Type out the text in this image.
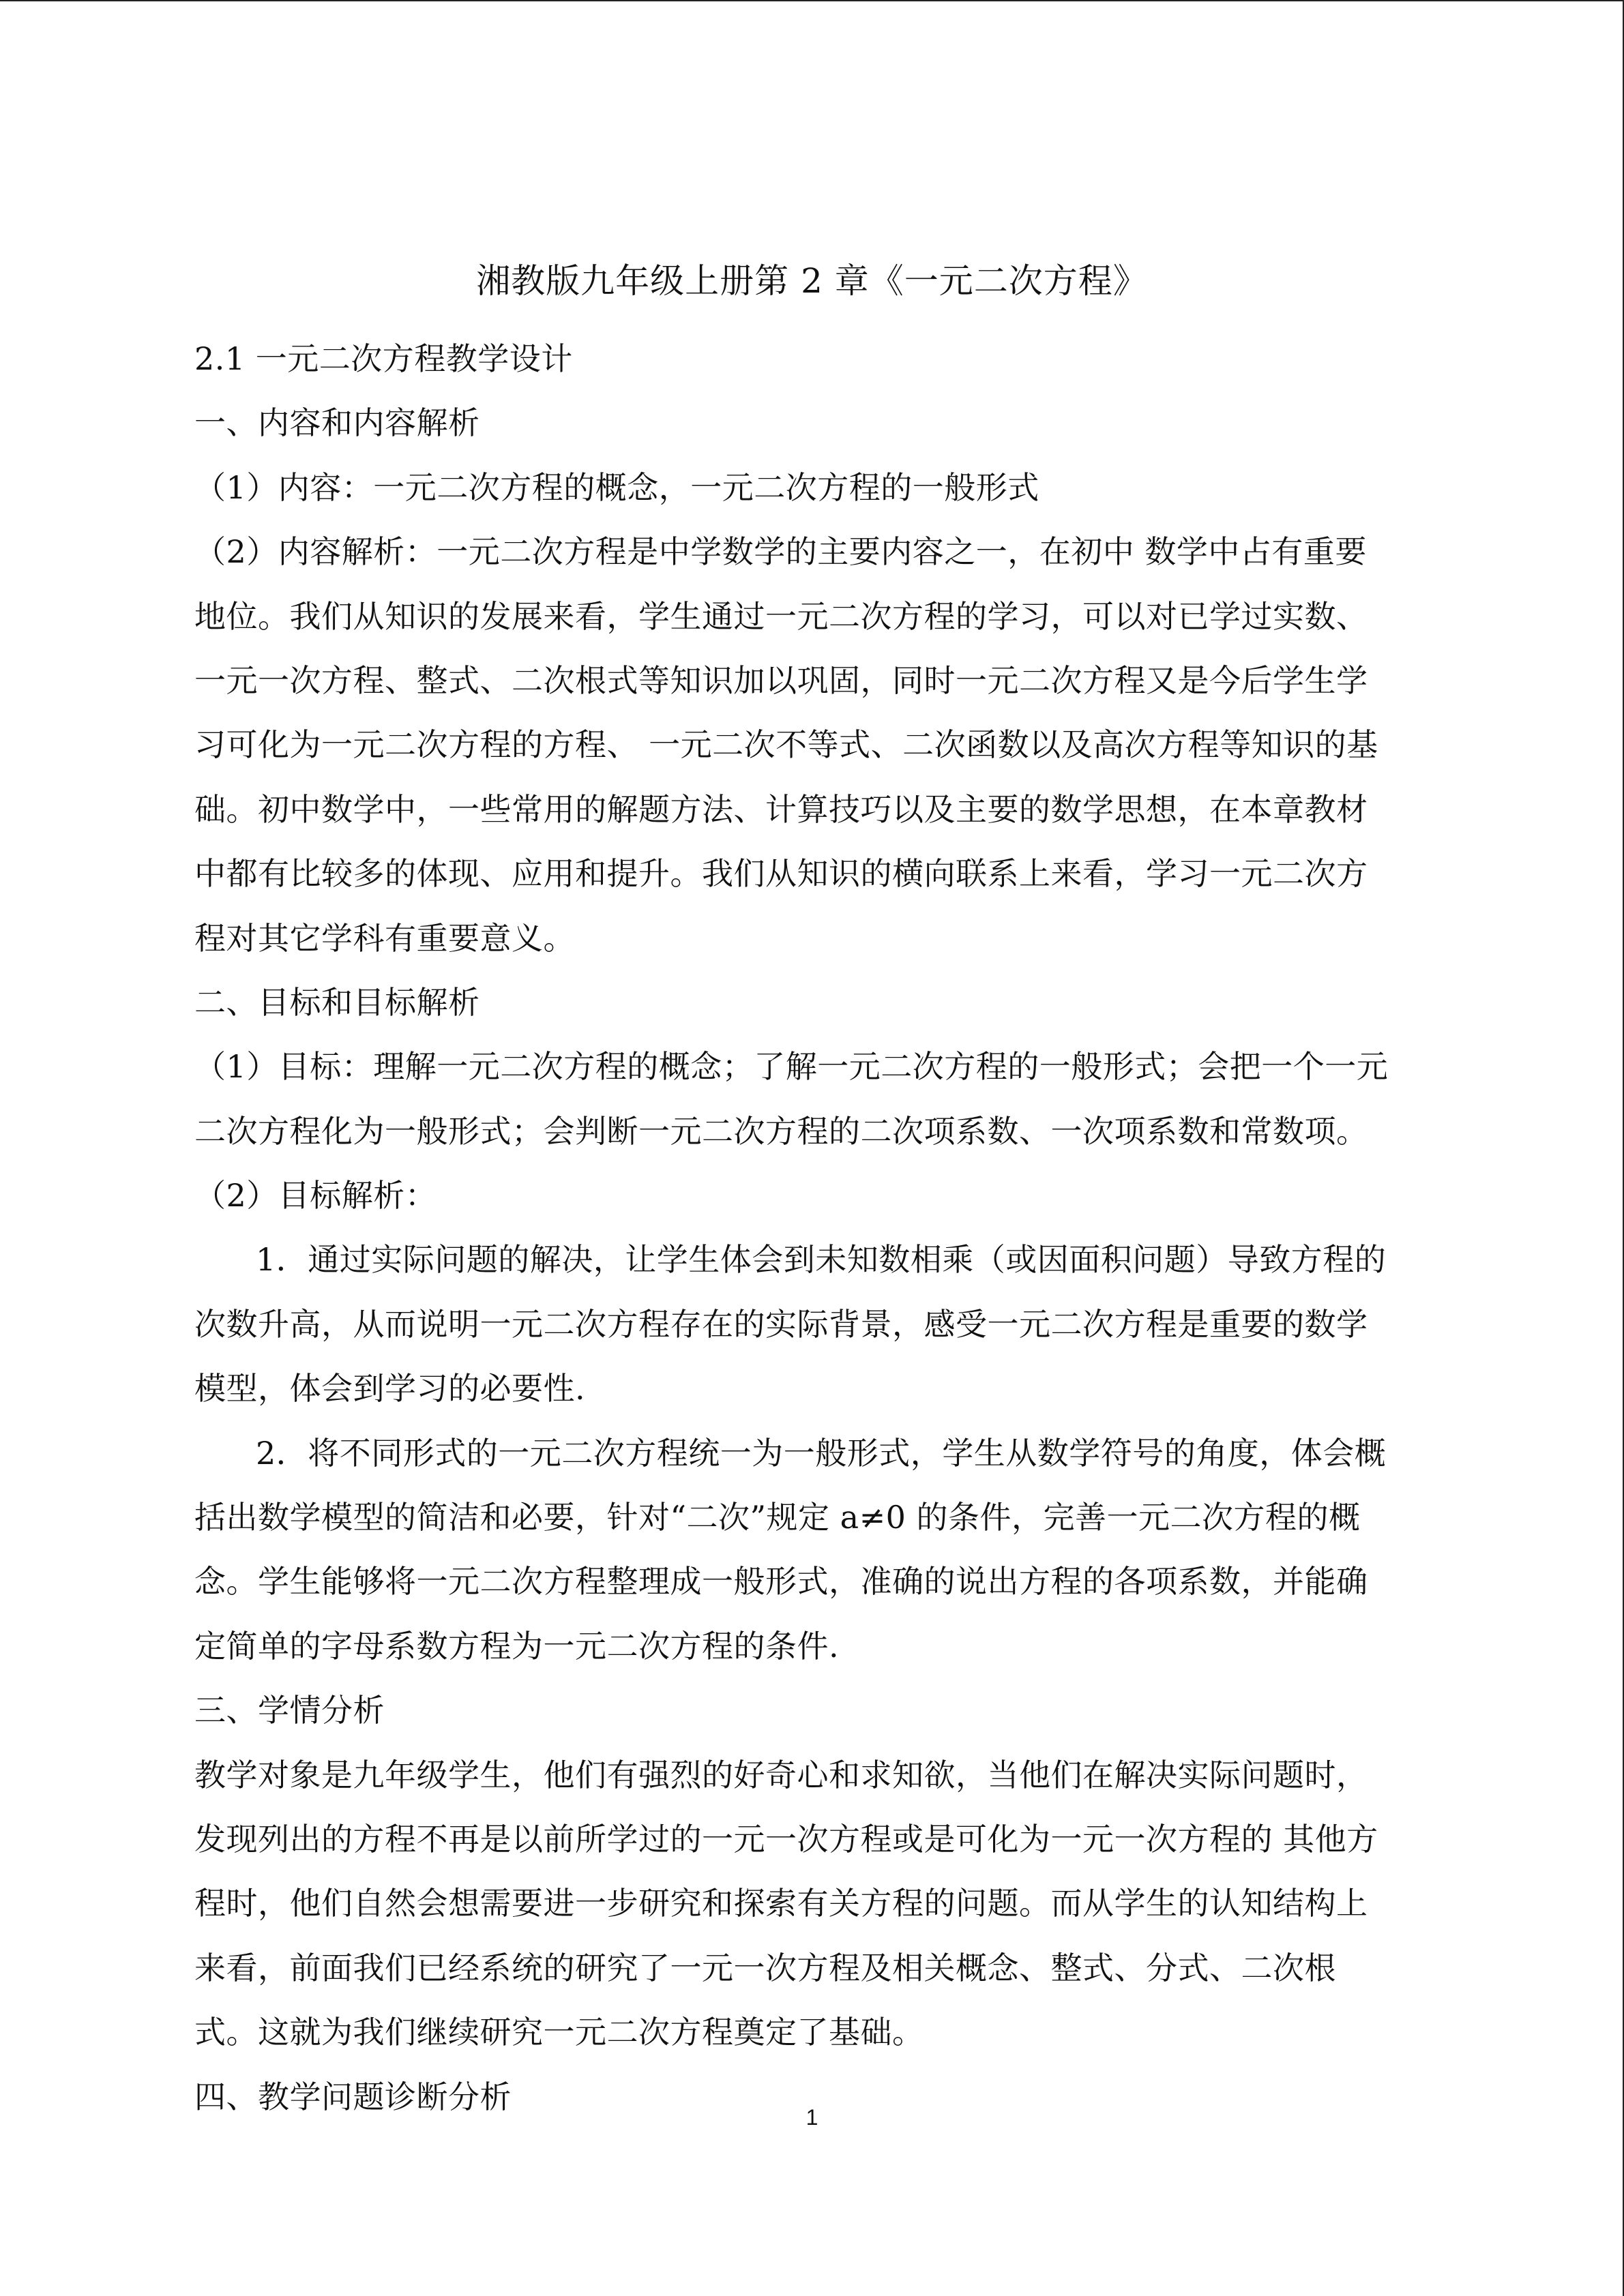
湘教版九年级上册第 2 章《一元二次方程》
2.1 一元二次方程教学设计
一、内容和内容解析
（1）内容：一元二次方程的概念，一元二次方程的一般形式
（2）内容解析：一元二次方程是中学数学的主要内容之一，在初中 数学中占有重要
地位。我们从知识的发展来看，学生通过一元二次方程的学习，可以对已学过实数、
一元一次方程、整式、二次根式等知识加以巩固，同时一元二次方程又是今后学生学
习可化为一元二次方程的方程、 一元二次不等式、二次函数以及高次方程等知识的基
础。初中数学中，一些常用的解题方法、计算技巧以及主要的数学思想，在本章教材
中都有比较多的体现、应用和提升。我们从知识的横向联系上来看，学习一元二次方
程对其它学科有重要意义。
二、目标和目标解析
（1）目标：理解一元二次方程的概念；了解一元二次方程的一般形式；会把一个一元
二次方程化为一般形式；会判断一元二次方程的二次项系数、一次项系数和常数项。
（2）目标解析：
1．通过实际问题的解决，让学生体会到未知数相乘（或因面积问题）导致方程的
次数升高，从而说明一元二次方程存在的实际背景，感受一元二次方程是重要的数学
模型，体会到学习的必要性.
2．将不同形式的一元二次方程统一为一般形式，学生从数学符号的角度，体会概
括出数学模型的简洁和必要，针对“二次”规定 a≠0 的条件，完善一元二次方程的概
念。学生能够将一元二次方程整理成一般形式，准确的说出方程的各项系数，并能确
定简单的字母系数方程为一元二次方程的条件.
三、学情分析
教学对象是九年级学生，他们有强烈的好奇心和求知欲，当他们在解决实际问题时，
发现列出的方程不再是以前所学过的一元一次方程或是可化为一元一次方程的 其他方
程时，他们自然会想需要进一步研究和探索有关方程的问题。而从学生的认知结构上
来看，前面我们已经系统的研究了一元一次方程及相关概念、整式、分式、二次根
式。这就为我们继续研究一元二次方程奠定了基础。
四、教学问题诊断分析
1
